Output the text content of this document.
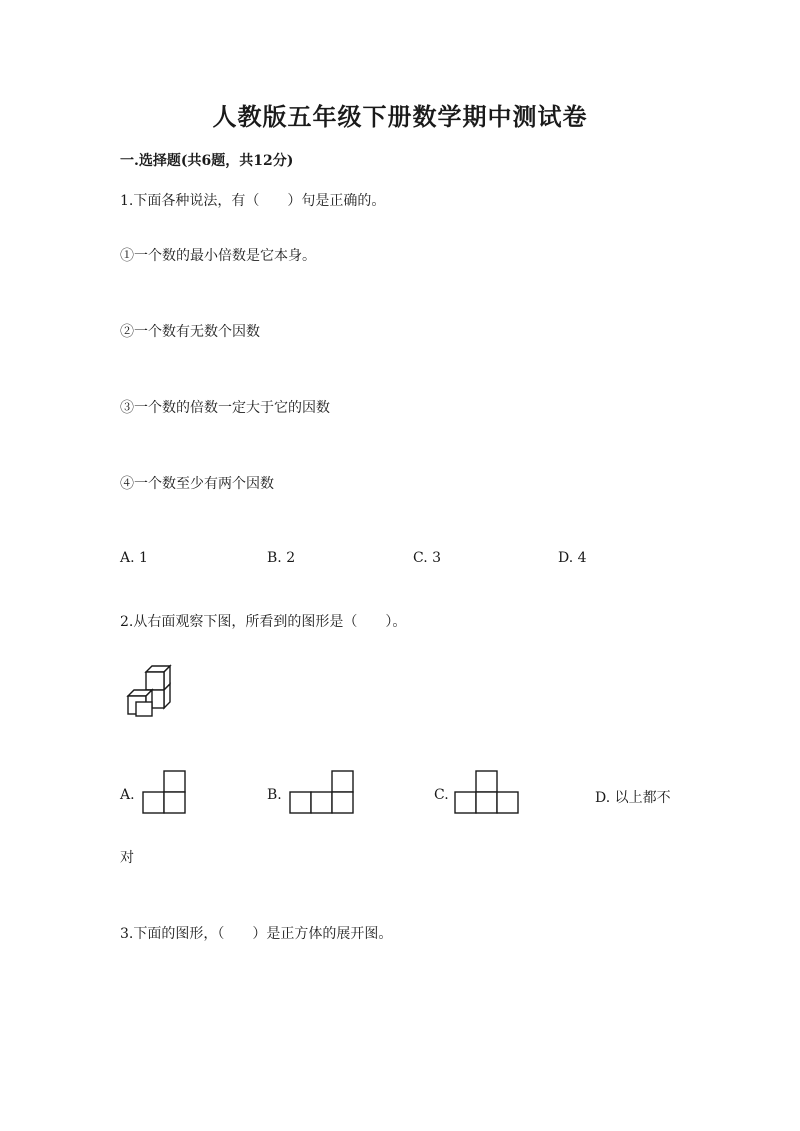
人教版五年级下册数学期中测试卷
一.选择题(共6题，共12分)
1.下面各种说法，有（　　）句是正确的。
①一个数的最小倍数是它本身。
②一个数有无数个因数
③一个数的倍数一定大于它的因数
④一个数至少有两个因数
A. 1	B. 2	C. 3	D. 4
2.从右面观察下图，所看到的图形是（　　）。
A.	B.	C.	D. 以上都不
对
3.下面的图形，（　　）是正方体的展开图。
